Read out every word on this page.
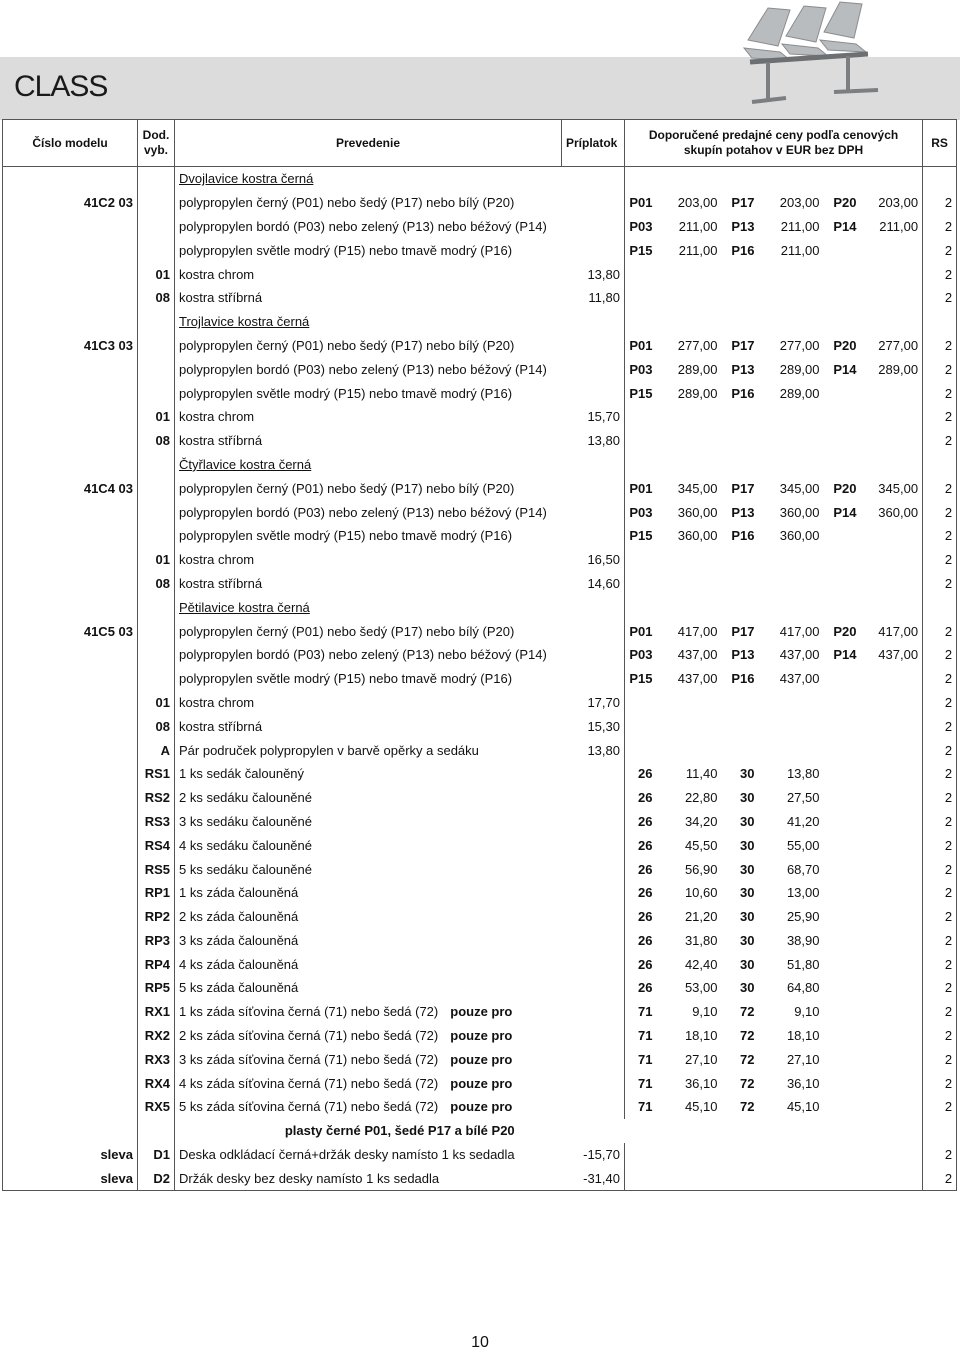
CLASS
Číslo modelu	Dod. vyb.	Prevedenie	Príplatok	Doporučené predajné ceny podľa cenových skupín potahov v EUR bez DPH						RS
		Dvojlavice kostra černá								
41C2 03		polypropylen černý (P01) nebo šedý (P17) nebo bílý (P20)		P01	203,00	P17	203,00	P20	203,00	2
		polypropylen bordó (P03) nebo zelený (P13) nebo béžový (P14)		P03	211,00	P13	211,00	P14	211,00	2
		polypropylen světle modrý (P15) nebo tmavě modrý (P16)		P15	211,00	P16	211,00			2
	01	kostra chrom	13,80							2
	08	kostra stříbrná	11,80							2
		Trojlavice kostra černá								
41C3 03		polypropylen černý (P01) nebo šedý (P17) nebo bílý (P20)		P01	277,00	P17	277,00	P20	277,00	2
		polypropylen bordó (P03) nebo zelený (P13) nebo béžový (P14)		P03	289,00	P13	289,00	P14	289,00	2
		polypropylen světle modrý (P15) nebo tmavě modrý (P16)		P15	289,00	P16	289,00			2
	01	kostra chrom	15,70							2
	08	kostra stříbrná	13,80							2
		Čtyřlavice kostra černá								
41C4 03		polypropylen černý (P01) nebo šedý (P17) nebo bílý (P20)		P01	345,00	P17	345,00	P20	345,00	2
		polypropylen bordó (P03) nebo zelený (P13) nebo béžový (P14)		P03	360,00	P13	360,00	P14	360,00	2
		polypropylen světle modrý (P15) nebo tmavě modrý (P16)		P15	360,00	P16	360,00			2
	01	kostra chrom	16,50							2
	08	kostra stříbrná	14,60							2
		Pětilavice kostra černá								
41C5 03		polypropylen černý (P01) nebo šedý (P17) nebo bílý (P20)		P01	417,00	P17	417,00	P20	417,00	2
		polypropylen bordó (P03) nebo zelený (P13) nebo béžový (P14)		P03	437,00	P13	437,00	P14	437,00	2
		polypropylen světle modrý (P15) nebo tmavě modrý (P16)		P15	437,00	P16	437,00			2
	01	kostra chrom	17,70							2
	08	kostra stříbrná	15,30							2
	A	Pár područek polypropylen v barvě opěrky a sedáku	13,80							2
	RS1	1 ks sedák čalouněný		26	11,40	30	13,80			2
	RS2	2 ks sedáku čalouněné		26	22,80	30	27,50			2
	RS3	3 ks sedáku čalouněné		26	34,20	30	41,20			2
	RS4	4 ks sedáku čalouněné		26	45,50	30	55,00			2
	RS5	5 ks sedáku čalouněné		26	56,90	30	68,70			2
	RP1	1 ks záda čalouněná		26	10,60	30	13,00			2
	RP2	2 ks záda čalouněná		26	21,20	30	25,90			2
	RP3	3 ks záda čalouněná		26	31,80	30	38,90			2
	RP4	4 ks záda čalouněná		26	42,40	30	51,80			2
	RP5	5 ks záda čalouněná		26	53,00	30	64,80			2
	RX1	1 ks záda síťovina černá (71) nebo šedá (72) pouze pro		71	9,10	72	9,10			2
	RX2	2 ks záda síťovina černá (71) nebo šedá (72) pouze pro		71	18,10	72	18,10			2
	RX3	3 ks záda síťovina černá (71) nebo šedá (72) pouze pro		71	27,10	72	27,10			2
	RX4	4 ks záda síťovina černá (71) nebo šedá (72) pouze pro		71	36,10	72	36,10			2
	RX5	5 ks záda síťovina černá (71) nebo šedá (72) pouze pro		71	45,10	72	45,10			2
		plasty černé P01, šedé P17 a bílé P20								
sleva	D1	Deska odkládací černá+držák desky namísto 1 ks sedadla	-15,70							2
sleva	D2	Držák desky bez desky namísto 1 ks sedadla	-31,40							2
10
